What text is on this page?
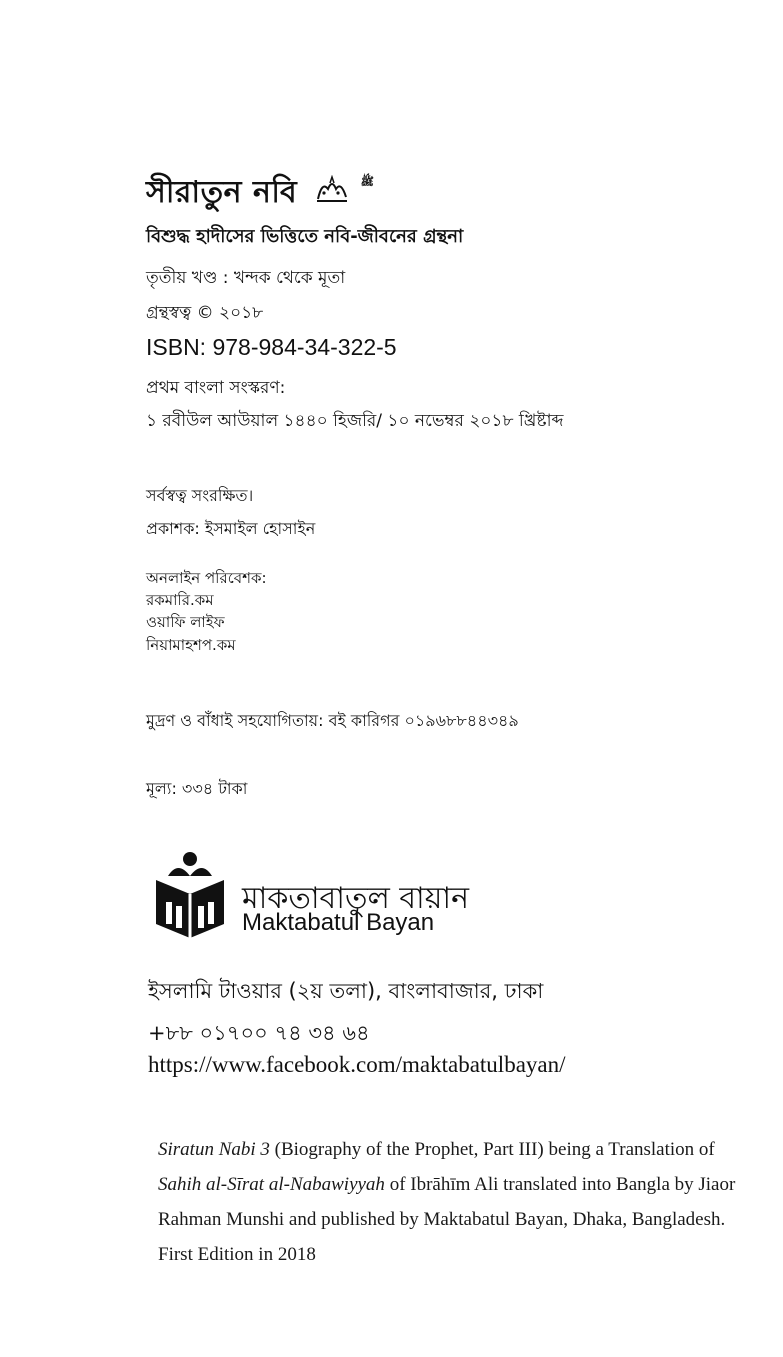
সীরাতুন নবি	$^ﷺ$
বিশুদ্ধ হাদীসের ভিত্তিতে নবি-জীবনের গ্রন্থনা
তৃতীয় খণ্ড : খন্দক থেকে মূতা
গ্রন্থস্বত্ব © ২০১৮
ISBN: 978-984-34-322-5
প্রথম বাংলা সংস্করণ:
১ রবীউল আউয়াল ১৪৪০ হিজরি/ ১০ নভেম্বর ২০১৮ খ্রিষ্টাব্দ
সর্বস্বত্ব সংরক্ষিত।
প্রকাশক: ইসমাইল হোসাইন
অনলাইন পরিবেশক:
রকমারি.কম
ওয়াফি লাইফ
নিয়ামাহশপ.কম
মুদ্রণ ও বাঁধাই সহযোগিতায়: বই কারিগর ০১৯৬৮৮৪৪৩৪৯
মূল্য: ৩৩৪ টাকা
মাকতাবাতুল বায়ান
Maktabatul Bayan
ইসলামি টাওয়ার (২য় তলা), বাংলাবাজার, ঢাকা
+৮৮ ০১৭০০ ৭৪ ৩৪ ৬৪
https://www.facebook.com/maktabatulbayan/
Siratun Nabi 3 (Biography of the Prophet, Part III) being a Translation of Sahih al-Sīrat al-Nabawiyyah of Ibrāhīm Ali translated into Bangla by Jiaor Rahman Munshi and published by Maktabatul Bayan, Dhaka, Bangladesh. First Edition in 2018
